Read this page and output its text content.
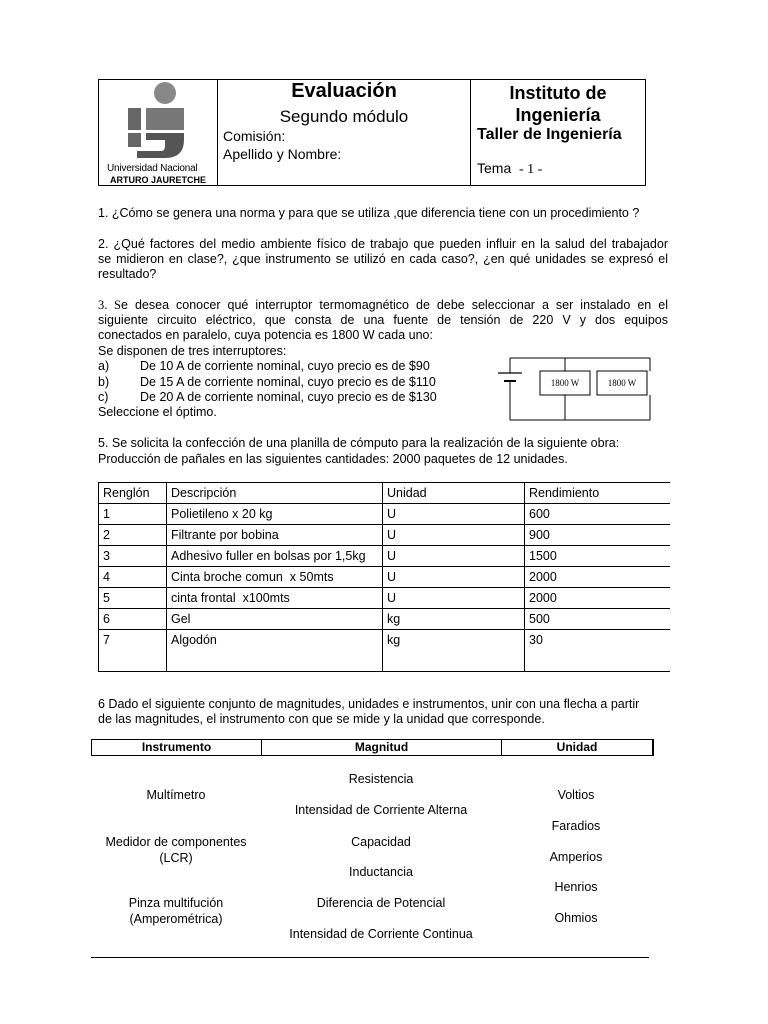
Universidad Nacional
ARTURO JAURETCHE
Evaluación
Segundo módulo
Comisión:
Apellido y Nombre:
Instituto de Ingeniería
Taller de Ingeniería
Tema - 1 -
1. ¿Cómo se genera una norma y para que se utiliza ,que diferencia tiene con un procedimiento ?
2. ¿Qué factores del medio ambiente físico de trabajo que pueden influir en la salud del trabajador
se midieron en clase?, ¿que instrumento se utilizó en cada caso?, ¿en qué unidades se expresó el
resultado?
3. Se desea conocer qué interruptor termomagnético de debe seleccionar a ser instalado en el
siguiente circuito eléctrico, que consta de una fuente de tensión de 220 V y dos equipos
conectados en paralelo, cuya potencia es 1800 W cada uno:
Se disponen de tres interruptores:
a) De 10 A de corriente nominal, cuyo precio es de $90
b) De 15 A de corriente nominal, cuyo precio es de $110
c)	De 20 A de corriente nominal, cuyo precio es de $130
Seleccione el óptimo.
1800 W	1800 W
5. Se solicita la confección de una planilla de cómputo para la realización de la siguiente obra:
Producción de pañales en las siguientes cantidades: 2000 paquetes de 12 unidades.
Renglón	Descripción	Unidad	Rendimiento
1	Polietileno x 20 kg	U	600
2	Filtrante por bobina	U	900
3	Adhesivo fuller en bolsas por 1,5kg	U	1500
4	Cinta broche comun  x 50mts	U	2000
5	cinta frontal  x100mts	U	2000
6	Gel	kg	500
7	Algodón	kg	30
6 Dado el siguiente conjunto de magnitudes, unidades e instrumentos, unir con una flecha a partir
de las magnitudes, el instrumento con que se mide y la unidad que corresponde.
Instrumento	Magnitud	Unidad
Multímetro
Medidor de componentes (LCR)
Pinza multifución (Amperométrica)
Resistencia
Intensidad de Corriente Alterna
Capacidad
Inductancia
Diferencia de Potencial
Intensidad de Corriente Continua
Voltios
Faradios
Amperios
Henrios
Ohmios
